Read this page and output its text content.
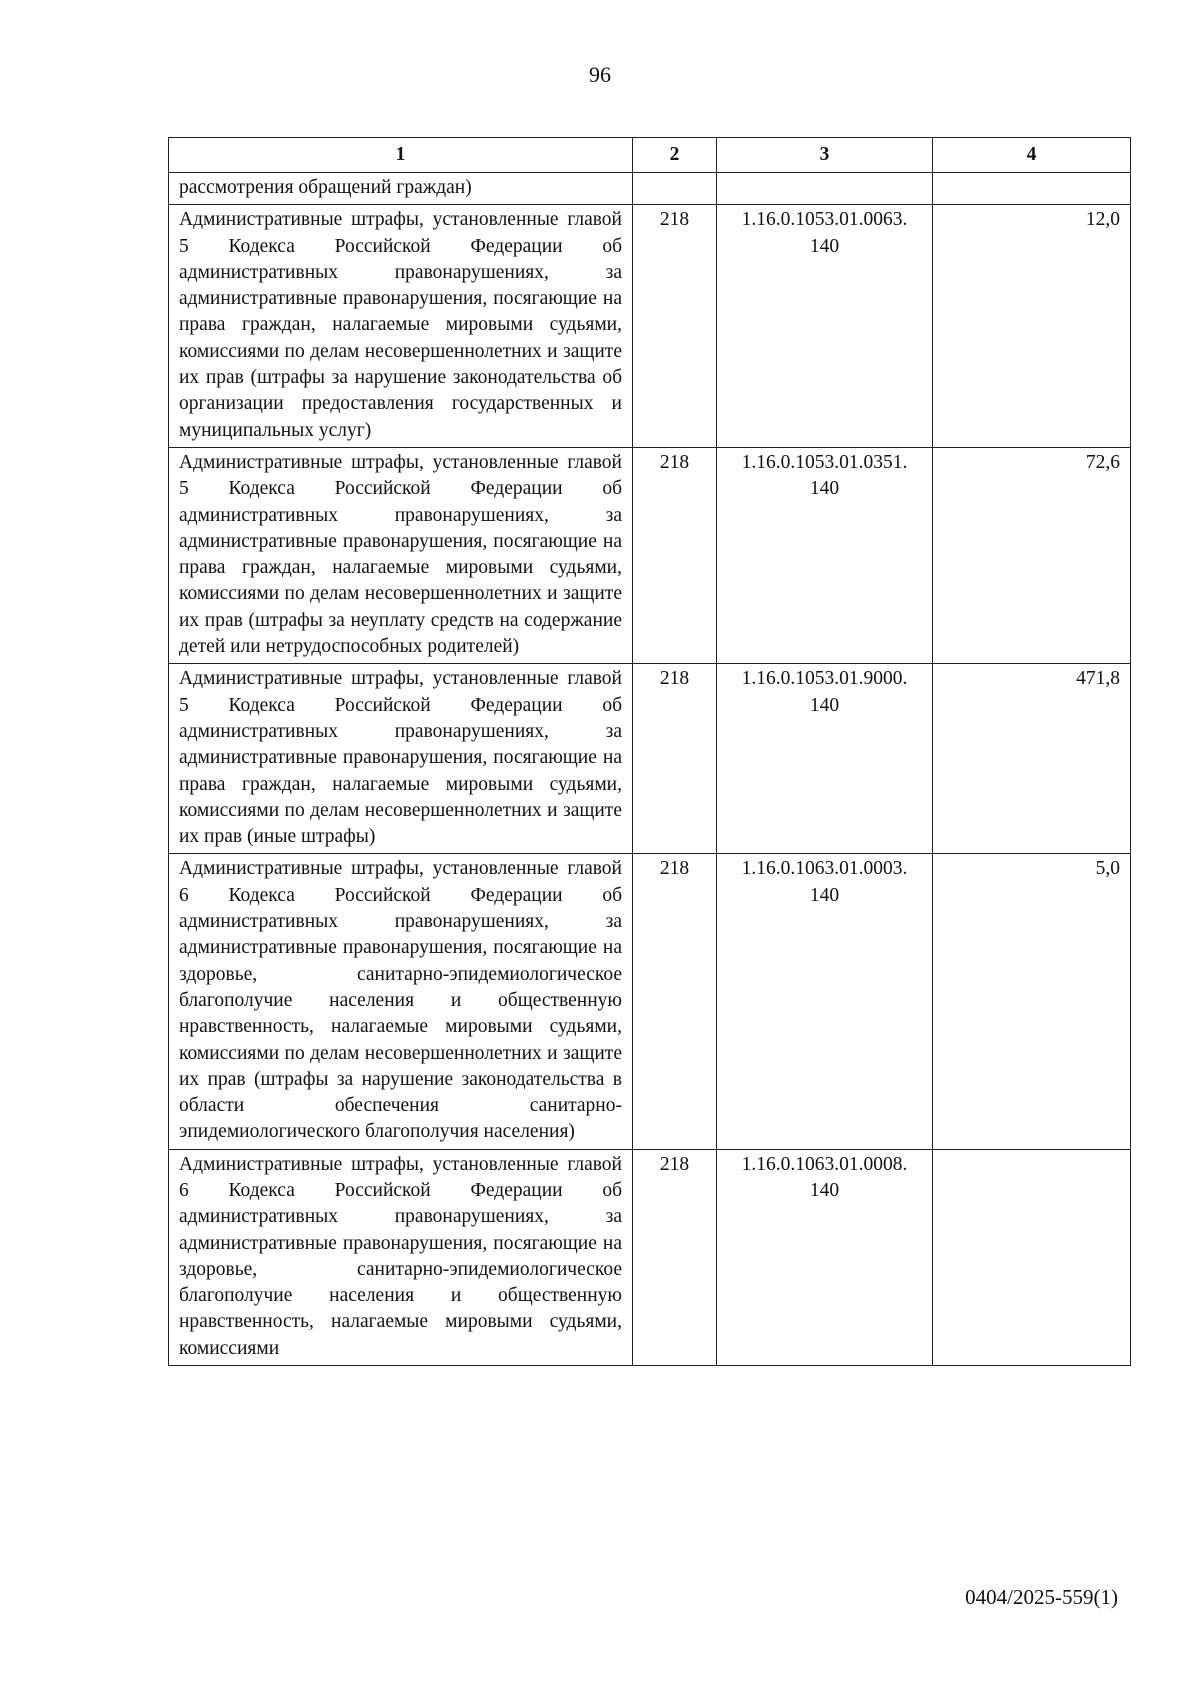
96
1	2	3	4
рассмотрения обращений граждан)			
Административные штрафы, установленные главой 5 Кодекса Российской Федерации об административных правонарушениях, за административные правонарушения, посягающие на права граждан, налагаемые мировыми судьями, комиссиями по делам несовершеннолетних и защите их прав (штрафы за нарушение законодательства об организации предоставления государственных и муниципальных услуг)	218	1.16.0.1053.01.0063. 140	12,0
Административные штрафы, установленные главой 5 Кодекса Российской Федерации об административных правонарушениях, за административные правонарушения, посягающие на права граждан, налагаемые мировыми судьями, комиссиями по делам несовершеннолетних и защите их прав (штрафы за неуплату средств на содержание детей или нетрудоспособных родителей)	218	1.16.0.1053.01.0351. 140	72,6
Административные штрафы, установленные главой 5 Кодекса Российской Федерации об административных правонарушениях, за административные правонарушения, посягающие на права граждан, налагаемые мировыми судьями, комиссиями по делам несовершеннолетних и защите их прав (иные штрафы)	218	1.16.0.1053.01.9000. 140	471,8
Административные штрафы, установленные главой 6 Кодекса Российской Федерации об административных правонарушениях, за административные правонарушения, посягающие на здоровье, санитарно-эпидемиологическое благополучие населения и общественную нравственность, налагаемые мировыми судьями, комиссиями по делам несовершеннолетних и защите их прав (штрафы за нарушение законодательства в области обеспечения санитарно-эпидемиологического благополучия населения)	218	1.16.0.1063.01.0003. 140	5,0
Административные штрафы, установленные главой 6 Кодекса Российской Федерации об административных правонарушениях, за административные правонарушения, посягающие на здоровье, санитарно-эпидемиологическое благополучие населения и общественную нравственность, налагаемые мировыми судьями, комиссиями	218	1.16.0.1063.01.0008. 140	
0404/2025-559(1)
